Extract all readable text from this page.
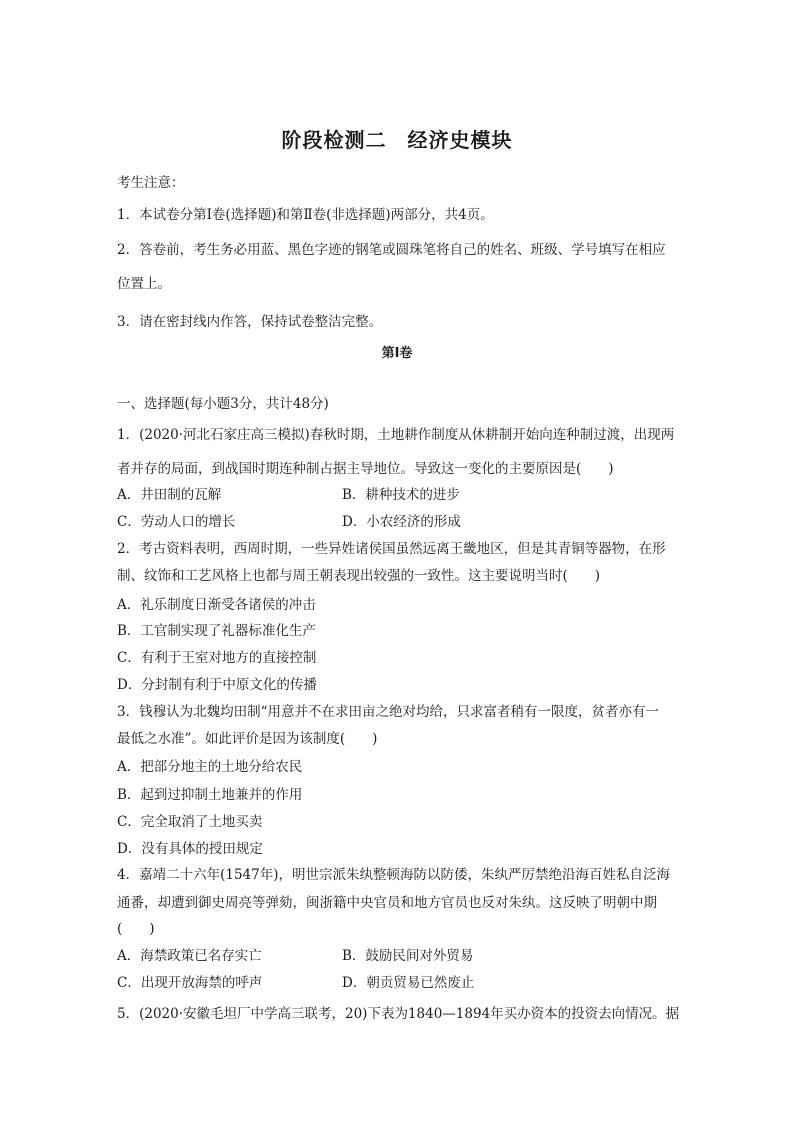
阶段检测二　经济史模块
考生注意：
1．本试卷分第Ⅰ卷(选择题)和第Ⅱ卷(非选择题)两部分，共4页。
2．答卷前，考生务必用蓝、黑色字迹的钢笔或圆珠笔将自己的姓名、班级、学号填写在相应
位置上。
3．请在密封线内作答，保持试卷整洁完整。
第Ⅰ卷
一、选择题(每小题3分，共计48分)
1．(2020·河北石家庄高三模拟)春秋时期，土地耕作制度从休耕制开始向连种制过渡，出现两
者并存的局面，到战国时期连种制占据主导地位。导致这一变化的主要原因是(　　)
A．井田制的瓦解	B．耕种技术的进步
C．劳动人口的增长	D．小农经济的形成
2．考古资料表明，西周时期，一些异姓诸侯国虽然远离王畿地区，但是其青铜等器物，在形
制、纹饰和工艺风格上也都与周王朝表现出较强的一致性。这主要说明当时(　　)
A．礼乐制度日渐受各诸侯的冲击
B．工官制实现了礼器标准化生产
C．有利于王室对地方的直接控制
D．分封制有利于中原文化的传播
3．钱穆认为北魏均田制“用意并不在求田亩之绝对均给，只求富者稍有一限度，贫者亦有一
最低之水准”。如此评价是因为该制度(　　)
A．把部分地主的土地分给农民
B．起到过抑制土地兼并的作用
C．完全取消了土地买卖
D．没有具体的授田规定
4．嘉靖二十六年(1547年)，明世宗派朱纨整顿海防以防倭，朱纨严厉禁绝沿海百姓私自泛海
通番，却遭到御史周亮等弹劾，闽浙籍中央官员和地方官员也反对朱纨。这反映了明朝中期
(　　)
A．海禁政策已名存实亡	B．鼓励民间对外贸易
C．出现开放海禁的呼声	D．朝贡贸易已然废止
5．(2020·安徽毛坦厂中学高三联考，20)下表为1840—1894年买办资本的投资去向情况。据
